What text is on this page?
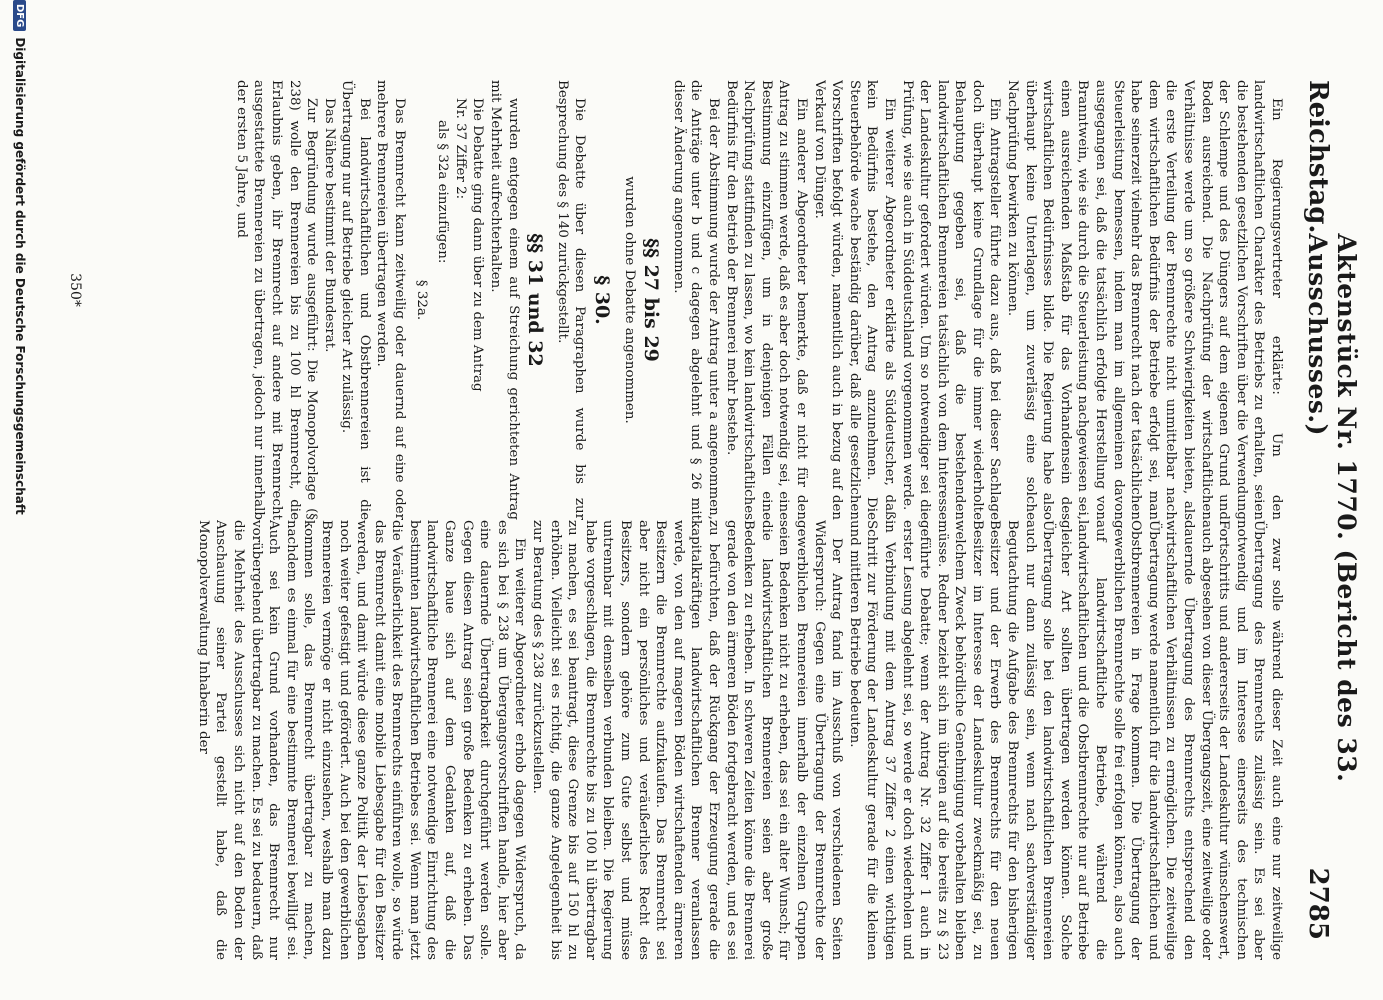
Reichstag.
Aktenstück Nr. 1770. (Bericht des 33. Ausschusses.)
2785

Ein Regierungsvertreter erklärte: Um den landwirtschaftlichen Charakter des Betriebs zu erhalten, seien die bestehenden gesetzlichen Vorschriften über die Verwendung der Schlempe und des Düngers auf dem eigenen Grund und Boden ausreichend. Die Nachprüfung der wirtschaftlichen Verhältnisse werde um so größere Schwierigkeiten bieten, als die erste Verteilung der Brennrechte nicht unmittelbar nach dem wirtschaftlichen Bedürfnis der Betriebe erfolgt sei, man habe seinerzeit vielmehr das Brennrecht nach der tatsächlichen Steuerleistung bemessen, indem man im allgemeinen davon ausgegangen sei, daß die tatsächlich erfolgte Herstellung von Branntwein, wie sie durch die Steuerleistung nachgewiesen sei, einen ausreichenden Maßstab für das Vorhandensein des wirtschaftlichen Bedürfnisses bilde. Die Regierung habe also überhaupt keine Unterlagen, um zuverlässig eine solche Nachprüfung bewirken zu können.

Ein Antragsteller führte dazu aus, daß bei dieser Sachlage doch überhaupt keine Grundlage für die immer wiederholte Behauptung gegeben sei, daß die bestehenden landwirtschaftlichen Brennereien tatsächlich von dem Interesse der Landeskultur gefordert würden. Um so notwendiger sei die Prüfung, wie sie auch in Süddeutschland vorgenommen werde.

Ein weiterer Abgeordneter erklärte als Süddeutscher, daß kein Bedürfnis bestehe, den Antrag anzunehmen. Die Steuerbehörde wache beständig darüber, daß alle gesetzlichen Vorschriften befolgt würden, namentlich auch in bezug auf den Verkauf von Dünger.

Ein anderer Abgeordneter bemerkte, daß er nicht für den Antrag zu stimmen werde, daß es aber doch notwendig sei, eine Bestimmung einzufügen, um in denjenigen Fällen eine Nachprüfung stattfinden zu lassen, wo kein landwirtschaftliches Bedürfnis für den Betrieb der Brennerei mehr bestehe.

Bei der Abstimmung wurde der Antrag unter a angenommen, die Anträge unter b und c dagegen abgelehnt und § 26 mit dieser Änderung angenommen.

§§ 27 bis 29

wurden ohne Debatte angenommen.

§ 30.

Die Debatte über diesen Paragraphen wurde bis zur Besprechung des § 140 zurückgestellt.

§§ 31 und 32

wurden entgegen einem auf Streichung gerichteten Antrag mit Mehrheit aufrechterhalten.

Die Debatte ging dann über zu dem Antrag

Nr. 37 Ziffer 2:

als § 32a einzufügen:

§ 32a.

Das Brennrecht kann zeitweilig oder dauernd auf eine oder mehrere Brennereien übertragen werden.

Bei landwirtschaftlichen und Obstbrennereien ist die Übertragung nur auf Betriebe gleicher Art zulässig.

Das Nähere bestimmt der Bundesrat.

Zur Begründung wurde ausgeführt: Die Monopolvorlage (§ 238) wolle den Brennereien bis zu 100 hl Brennrecht, die Erlaubnis geben, ihr Brennrecht auf andere mit Brennrecht ausgestattete Brennereien zu übertragen, jedoch nur innerhalb der ersten 5 Jahre, und

zwar solle während dieser Zeit auch eine nur zeitweilige Übertragung des Brennrechts zulässig sein. Es sei aber notwendig und im Interesse einerseits des technischen Fortschritts und andererseits der Landeskultur wünschenswert, auch abgesehen von dieser Übergangszeit, eine zeitweilige oder dauernde Übertragung des Brennrechts entsprechend den wirtschaftlichen Verhältnissen zu ermöglichen. Die zeitweilige Übertragung werde namentlich für die landwirtschaftlichen und Obstbrennereien in Frage kommen. Die Übertragung der gewerblichen Brennrechte solle frei erfolgen können, also auch auf landwirtschaftliche Betriebe, während die landwirtschaftlichen und die Obstbrennrechte nur auf Betriebe gleicher Art sollten übertragen werden können. Solche Übertragung solle bei den landwirtschaftlichen Brennereien auch nur dann zulässig sein, wenn nach sachverständiger Begutachtung die Aufgabe des Brennrechts für den bisherigen Besitzer und der Erwerb des Brennrechts für den neuen Besitzer im Interesse der Landeskultur zweckmäßig sei, zu welchem Zweck behördliche Genehmigung vorbehalten bleiben müsse. Redner bezieht sich im übrigen auf die bereits zu § 23 geführte Debatte; wenn der Antrag Nr. 32 Ziffer 1 auch in erster Lesung abgelehnt sei, so werde er doch wiederholen und in Verbindung mit dem Antrag 37 Ziffer 2 einen wichtigen Schritt zur Förderung der Landeskultur gerade für die kleinen und mittleren Betriebe bedeuten.

Der Antrag fand im Ausschuß von verschiedenen Seiten Widerspruch: Gegen eine Übertragung der Brennrechte der gewerblichen Brennereien innerhalb der einzelnen Gruppen seien Bedenken nicht zu erheben, das sei ein alter Wunsch; für die landwirtschaftlichen Brennereien seien aber große Bedenken zu erheben. In schweren Zeiten könne die Brennerei gerade von den ärmeren Böden fortgebracht werden, und es sei zu befürchten, daß der Rückgang der Erzeugung gerade die kapitalkräftigen landwirtschaftlichen Brenner veranlassen werde, von den auf mageren Böden wirtschaftenden ärmeren Besitzern die Brennrechte aufzukaufen. Das Brennrecht sei aber nicht ein persönliches und veräußerliches Recht des Besitzers, sondern gehöre zum Gute selbst und müsse untrennbar mit demselben verbunden bleiben. Die Regierung habe vorgeschlagen, die Brennrechte bis zu 100 hl übertragbar zu machen, es sei beantragt, diese Grenze bis auf 150 hl zu erhöhen. Vielleicht sei es richtig, die ganze Angelegenheit bis zur Beratung des § 238 zurückzustellen.

Ein weiterer Abgeordneter erhob dagegen Widerspruch, da es sich bei § 238 um Übergangsvorschriften handle, hier aber eine dauernde Übertragbarkeit durchgeführt werden solle. Gegen diesen Antrag seien große Bedenken zu erheben. Das Ganze baue sich auf dem Gedanken auf, daß die landwirtschaftliche Brennerei eine notwendige Einrichtung des bestimmten landwirtschaftlichen Betriebes sei. Wenn man jetzt die Veräußerlichkeit des Brennrechts einführen wolle, so würde das Brennrecht damit eine mobile Liebesgabe für den Besitzer werden, und damit würde diese ganze Politik der Liebesgaben noch weiter gefestigt und gefördert. Auch bei den gewerblichen Brennereien vermöge er nicht einzusehen, weshalb man dazu kommen solle, das Brennrecht übertragbar zu machen, nachdem es einmal für eine bestimmte Brennerei bewilligt sei. Auch sei kein Grund vorhanden, das Brennrecht nur vorübergehend übertragbar zu machen. Es sei zu bedauern, daß die Mehrheit des Ausschusses sich nicht auf den Boden der Anschauung seiner Partei gestellt habe, daß die Monopolverwaltung Inhaberin der

350*
DFG
Digitalisierung gefördert durch die Deutsche Forschungsgemeinschaft
